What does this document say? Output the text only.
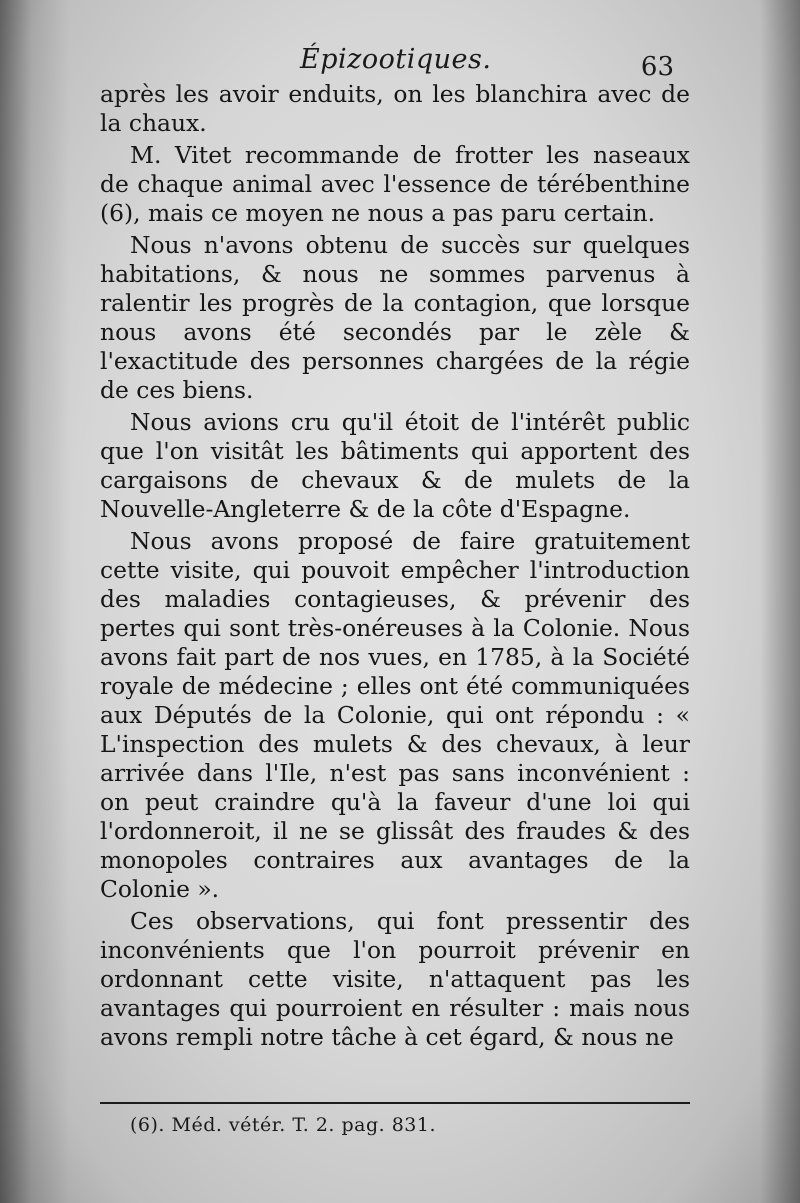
Épizootiques.	63

après les avoir enduits, on les blanchira avec de la chaux.

M. Vitet recommande de frotter les naseaux de chaque animal avec l'essence de térébenthine (6), mais ce moyen ne nous a pas paru certain.

Nous n'avons obtenu de succès sur quelques habitations, & nous ne sommes parvenus à ralentir les progrès de la contagion, que lorsque nous avons été secondés par le zèle & l'exactitude des personnes chargées de la régie de ces biens.

Nous avions cru qu'il étoit de l'intérêt public que l'on visitât les bâtiments qui apportent des cargaisons de chevaux & de mulets de la Nouvelle-Angleterre & de la côte d'Espagne.

Nous avons proposé de faire gratuitement cette visite, qui pouvoit empêcher l'introduction des maladies contagieuses, & prévenir des pertes qui sont très-onéreuses à la Colonie. Nous avons fait part de nos vues, en 1785, à la Société royale de médecine ; elles ont été communiquées aux Députés de la Colonie, qui ont répondu : « L'inspection des mulets & des chevaux, à leur arrivée dans l'Ile, n'est pas sans inconvénient : on peut craindre qu'à la faveur d'une loi qui l'ordonneroit, il ne se glissât des fraudes & des monopoles contraires aux avantages de la Colonie ».

Ces observations, qui font pressentir des inconvénients que l'on pourroit prévenir en ordonnant cette visite, n'attaquent pas les avantages qui pourroient en résulter : mais nous avons rempli notre tâche à cet égard, & nous ne

(6). Méd. vétér. T. 2. pag. 831.
